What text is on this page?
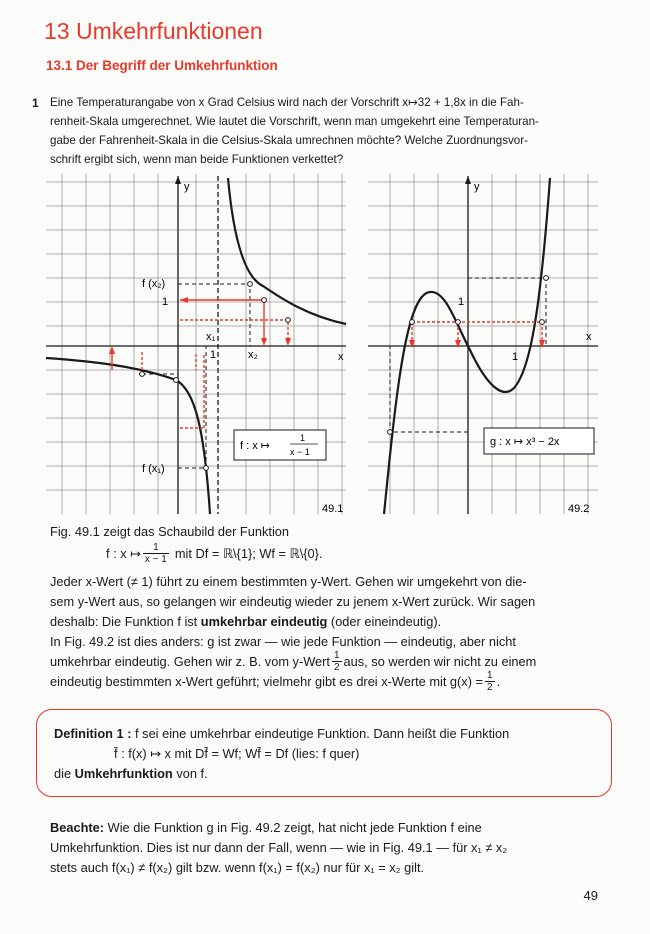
13 Umkehrfunktionen
13.1 Der Begriff der Umkehrfunktion
1 Eine Temperaturangabe von x Grad Celsius wird nach der Vorschrift x↦32 + 1,8x in die Fah-
renheit-Skala umgerechnet. Wie lautet die Vorschrift, wenn man umgekehrt eine Temperaturan-
gabe der Fahrenheit-Skala in die Celsius-Skala umrechnen möchte? Welche Zuordnungsvor-
schrift ergibt sich, wenn man beide Funktionen verkettet?
y
x
f (x₂)
1
x₁
1	x₂
f (x₁)
f : x ↦
1
x − 1
49.1
y
x
1
1
g : x ↦ x³ − 2x
49.2
Fig. 49.1 zeigt das Schaubild der Funktion
f : x ↦ $\frac{1}{x - 1}$ mit Df = ℝ\{1}; Wf = ℝ\{0}.
Jeder x-Wert (≠ 1) führt zu einem bestimmten y-Wert. Gehen wir umgekehrt von die-
sem y-Wert aus, so gelangen wir eindeutig wieder zu jenem x-Wert zurück. Wir sagen
deshalb: Die Funktion f ist umkehrbar eindeutig (oder eineindeutig).
In Fig. 49.2 ist dies anders: g ist zwar — wie jede Funktion — eindeutig, aber nicht
umkehrbar eindeutig. Gehen wir z. B. vom y-Wert $\frac{1}{2}$ aus, so werden wir nicht zu einem
eindeutig bestimmten x-Wert geführt; vielmehr gibt es drei x-Werte mit $g(x) = \frac{1}{2}$ .
Definition 1 : f sei eine umkehrbar eindeutige Funktion. Dann heißt die Funktion
f̄ : f(x) ↦ x mit Df̄ = Wf; Wf̄ = Df (lies: f quer)
die Umkehrfunktion von f.
Beachte: Wie die Funktion g in Fig. 49.2 zeigt, hat nicht jede Funktion f eine
Umkehrfunktion. Dies ist nur dann der Fall, wenn — wie in Fig. 49.1 — für x₁ ≠ x₂
stets auch f(x₁) ≠ f(x₂) gilt bzw. wenn f(x₁) = f(x₂) nur für x₁ = x₂ gilt.
49
